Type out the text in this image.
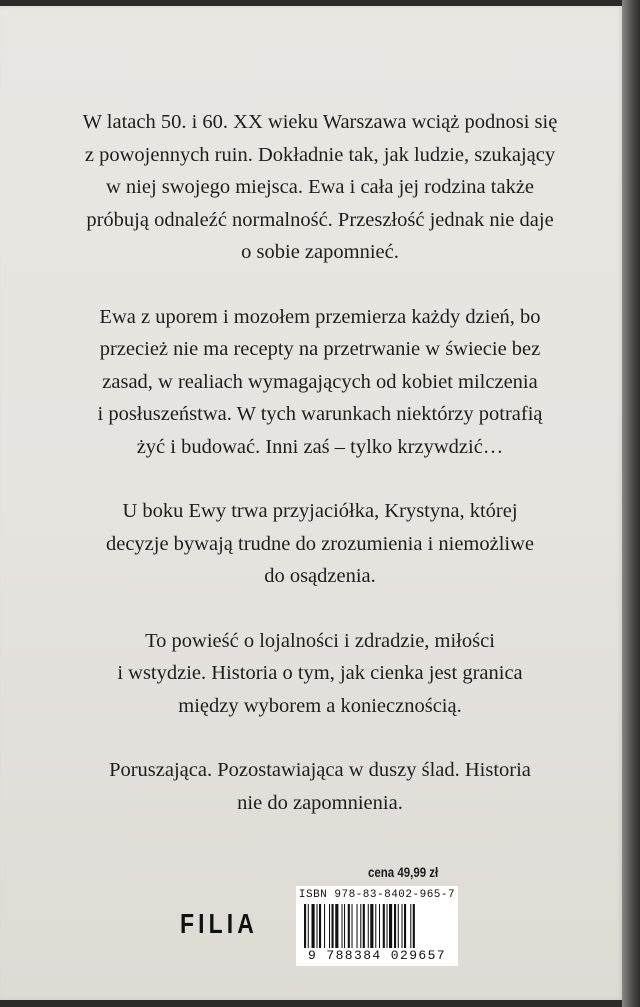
W latach 50. i 60. XX wieku Warszawa wciąż podnosi się
z powojennych ruin. Dokładnie tak, jak ludzie, szukający
w niej swojego miejsca. Ewa i cała jej rodzina także
próbują odnaleźć normalność. Przeszłość jednak nie daje
o sobie zapomnieć.

Ewa z uporem i mozołem przemierza każdy dzień, bo
przecież nie ma recepty na przetrwanie w świecie bez
zasad, w realiach wymagających od kobiet milczenia
i posłuszeństwa. W tych warunkach niektórzy potrafią
żyć i budować. Inni zaś – tylko krzywdzić…

U boku Ewy trwa przyjaciółka, Krystyna, której
decyzje bywają trudne do zrozumienia i niemożliwe
do osądzenia.

To powieść o lojalności i zdradzie, miłości
i wstydzie. Historia o tym, jak cienka jest granica
między wyborem a koniecznością.

Poruszająca. Pozostawiająca w duszy ślad. Historia
nie do zapomnienia.

cena 49,99 zł
FILIA
ISBN 978-83-8402-965-7
9 788384 029657
